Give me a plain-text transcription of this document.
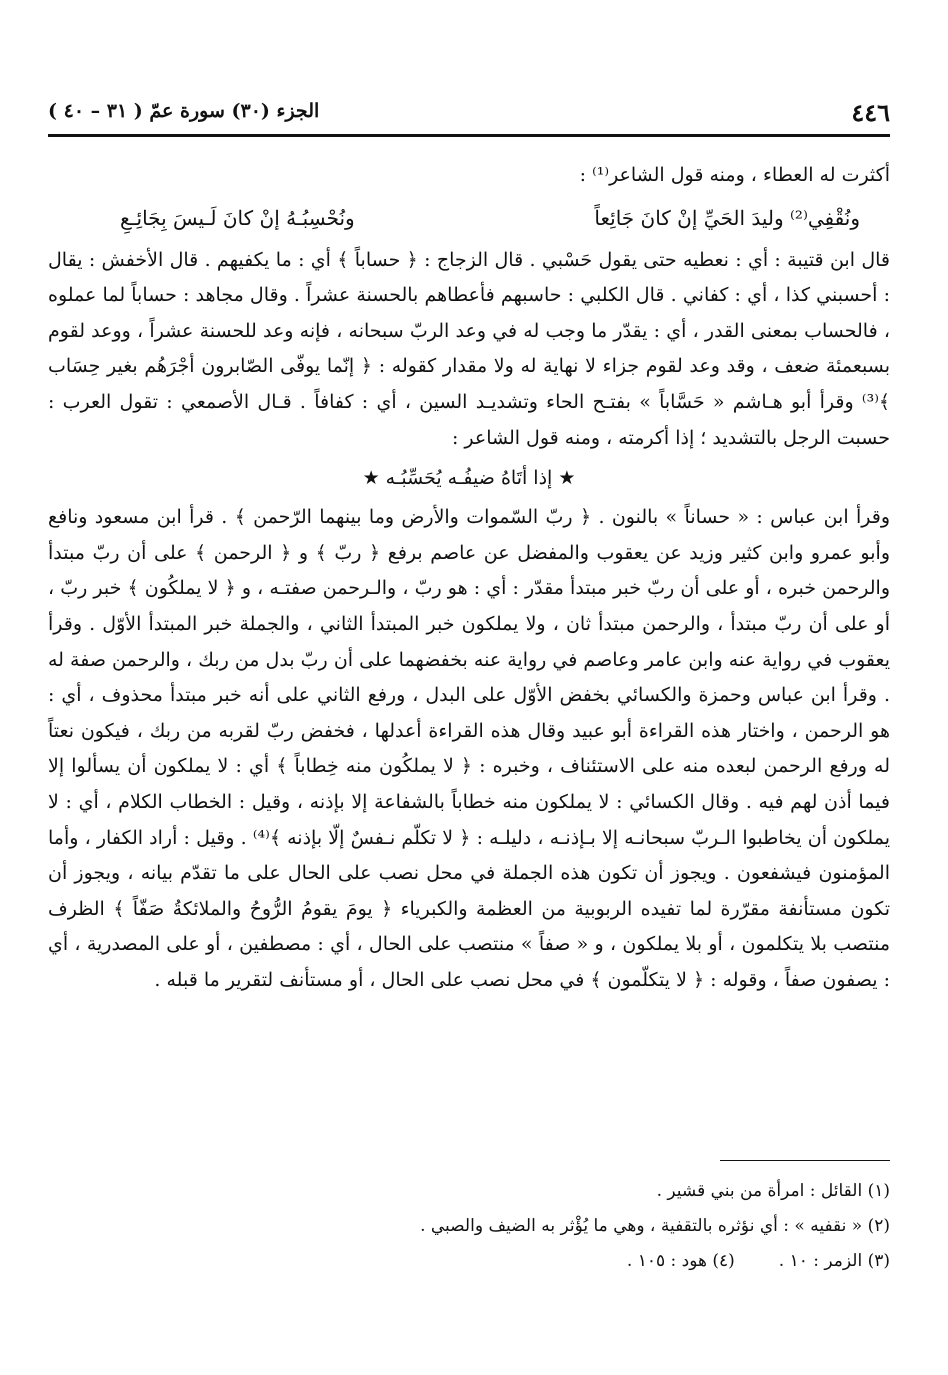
٤٤٦
الجزء (٣٠) سورة عمّ ( ٣١ – ٤٠ )

أكثرت له العطاء ، ومنه قول الشاعر⁽¹⁾ :

ونُقْفِي⁽²⁾ وليدَ الحَيِّ إنْ كانَ جَائِعاً
ونُحْسِبُـهُ إنْ كانَ لَـيسَ بِجَائِـعِ

قال ابن قتيبة : أي : نعطيه حتى يقول حَسْبي . قال الزجاج : ﴿ حساباً ﴾ أي : ما يكفيهم . قال الأخفش : يقال : أحسبني كذا ، أي : كفاني . قال الكلبي : حاسبهم فأعطاهم بالحسنة عشراً . وقال مجاهد : حساباً لما عملوه ، فالحساب بمعنى القدر ، أي : يقدّر ما وجب له في وعد الربّ سبحانه ، فإنه وعد للحسنة عشراً ، ووعد لقوم بسبعمئة ضعف ، وقد وعد لقوم جزاء لا نهاية له ولا مقدار كقوله : ﴿ إنّما يوفّى الصّابرون أجْرَهُم بغير حِسَاب ﴾⁽³⁾ وقرأ أبو هـاشم « حَسَّاباً » بفتـح الحاء وتشديـد السين ، أي : كفافاً . قـال الأصمعي : تقول العرب : حسبت الرجل بالتشديد ؛ إذا أكرمته ، ومنه قول الشاعر :

★ إذا أتَاهُ ضيفُـه يُحَسِّبُـه ★

وقرأ ابن عباس : « حساناً » بالنون . ﴿ ربّ السّموات والأرض وما بينهما الرّحمن ﴾ . قرأ ابن مسعود ونافع وأبو عمرو وابن كثير وزيد عن يعقوب والمفضل عن عاصم برفع ﴿ ربّ ﴾ و ﴿ الرحمن ﴾ على أن ربّ مبتدأ والرحمن خبره ، أو على أن ربّ خبر مبتدأ مقدّر : أي : هو ربّ ، والـرحمن صفتـه ، و ﴿ لا يملكُون ﴾ خبر ربّ ، أو على أن ربّ مبتدأ ، والرحمن مبتدأ ثان ، ولا يملكون خبر المبتدأ الثاني ، والجملة خبر المبتدأ الأوّل . وقرأ يعقوب في رواية عنه وابن عامر وعاصم في رواية عنه بخفضهما على أن ربّ بدل من ربك ، والرحمن صفة له . وقرأ ابن عباس وحمزة والكسائي بخفض الأوّل على البدل ، ورفع الثاني على أنه خبر مبتدأ محذوف ، أي : هو الرحمن ، واختار هذه القراءة أبو عبيد وقال هذه القراءة أعدلها ، فخفض ربّ لقربه من ربك ، فيكون نعتاً له ورفع الرحمن لبعده منه على الاستئناف ، وخبره : ﴿ لا يملكُون منه خِطاباً ﴾ أي : لا يملكون أن يسألوا إلا فيما أذن لهم فيه . وقال الكسائي : لا يملكون منه خطاباً بالشفاعة إلا بإذنه ، وقيل : الخطاب الكلام ، أي : لا يملكون أن يخاطبوا الـربّ سبحانـه إلا بـإذنـه ، دليلـه : ﴿ لا تكلّم نـفسٌ إلّا بإذنه ﴾⁽⁴⁾ . وقيل : أراد الكفار ، وأما المؤمنون فيشفعون . ويجوز أن تكون هذه الجملة في محل نصب على الحال على ما تقدّم بيانه ، ويجوز أن تكون مستأنفة مقرّرة لما تفيده الربوبية من العظمة والكبرياء ﴿ يومَ يقومُ الرُّوحُ والملائكةُ صَفّاً ﴾ الظرف منتصب بلا يتكلمون ، أو بلا يملكون ، و « صفاً » منتصب على الحال ، أي : مصطفين ، أو على المصدرية ، أي : يصفون صفاً ، وقوله : ﴿ لا يتكلّمون ﴾ في محل نصب على الحال ، أو مستأنف لتقرير ما قبله .

(١) القائل : امرأة من بني قشير .

(٢) « نقفيه » : أي نؤثره بالتقفية ، وهي ما يُؤْثر به الضيف والصبي .

(٣) الزمر : ١٠ .(٤) هود : ١٠٥ .
